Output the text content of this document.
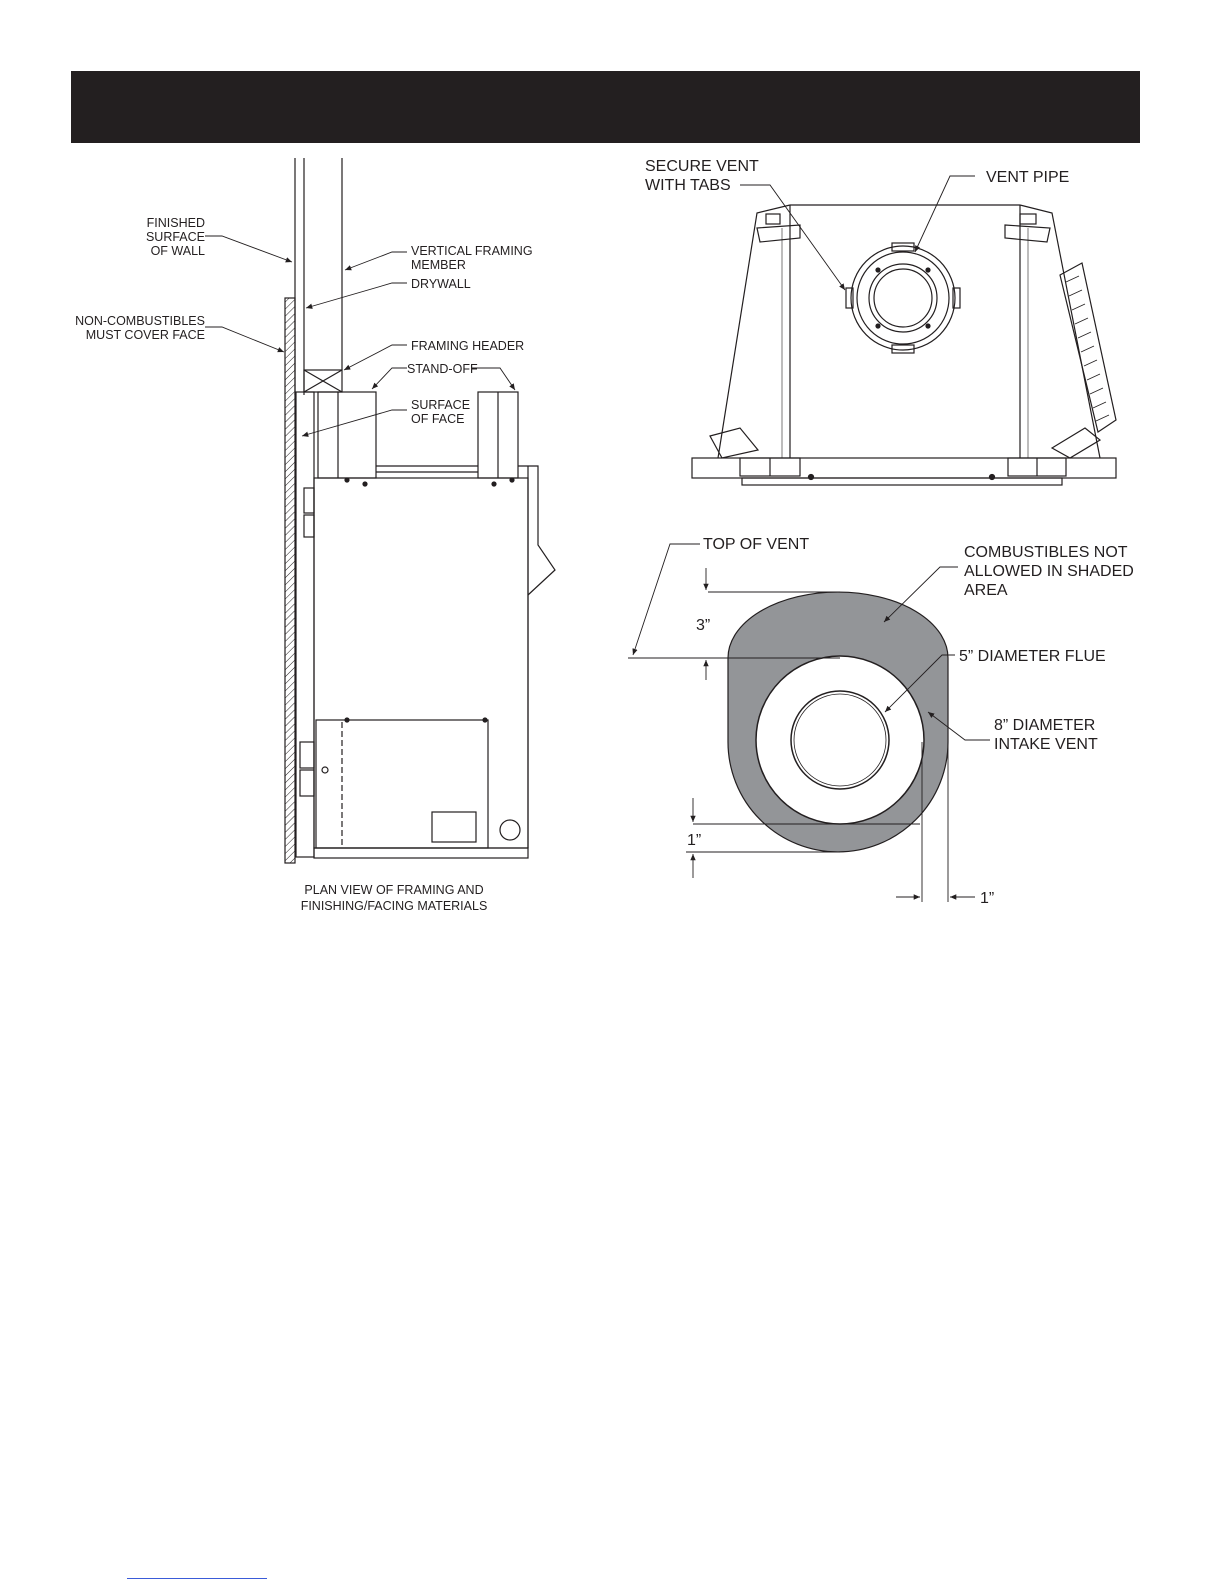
FINISHED
SURFACE
OF WALL
NON-COMBUSTIBLES
MUST COVER FACE
VERTICAL FRAMING
MEMBER
DRYWALL
FRAMING HEADER
STAND-OFF
SURFACE
OF FACE
PLAN VIEW OF FRAMING AND
FINISHING/FACING MATERIALS
SECURE VENT
WITH TABS	VENT PIPE
TOP OF VENT	COMBUSTIBLES NOT
ALLOWED IN SHADED
AREA
5” DIAMETER FLUE
8” DIAMETER
INTAKE VENT
3”
1”
1”
